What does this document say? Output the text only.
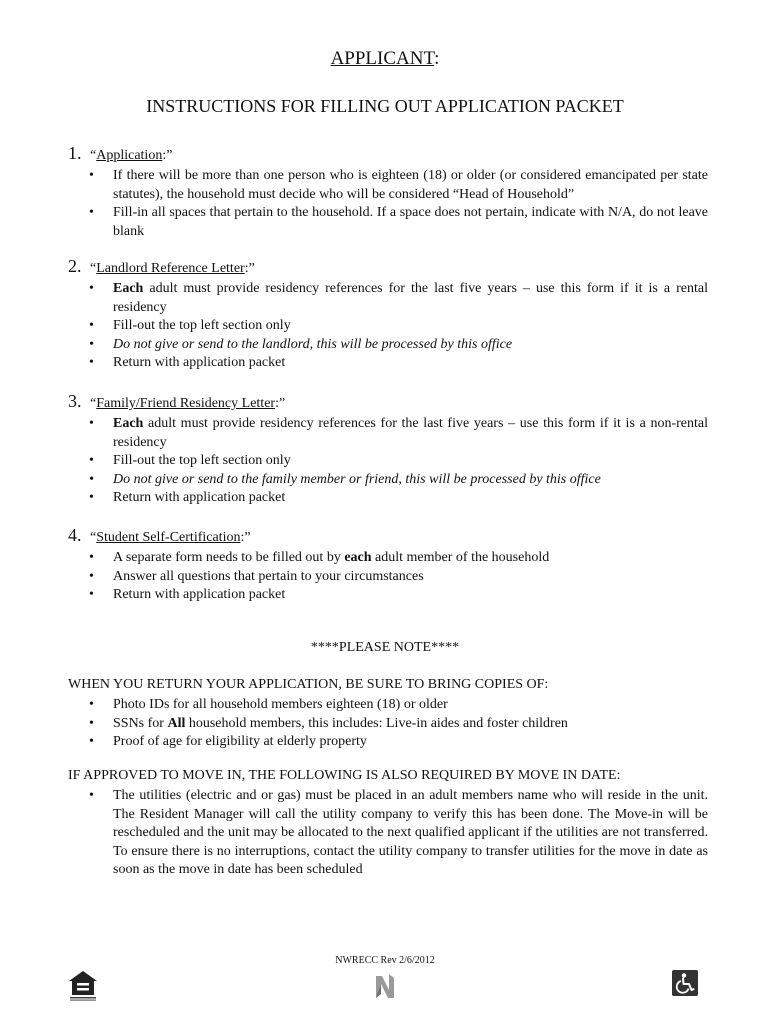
APPLICANT:
INSTRUCTIONS FOR FILLING OUT APPLICATION PACKET
1. “ Application :”
• If there will be more than one person who is eighteen (18) or older (or considered emancipated per state statutes), the household must decide who will be considered “Head of Household”
• Fill-in all spaces that pertain to the household. If a space does not pertain, indicate with N/A, do not leave blank
2. “ Landlord Reference Letter :”
• Each adult must provide residency references for the last five years – use this form if it is a rental residency
• Fill-out the top left section only
• Do not give or send to the landlord, this will be processed by this office
• Return with application packet
3. “ Family/Friend Residency Letter :”
• Each adult must provide residency references for the last five years – use this form if it is a non-rental residency
• Fill-out the top left section only
• Do not give or send to the family member or friend, this will be processed by this office
• Return with application packet
4. “ Student Self-Certification :”
• A separate form needs to be filled out by each adult member of the household
• Answer all questions that pertain to your circumstances
• Return with application packet
****PLEASE NOTE****
WHEN YOU RETURN YOUR APPLICATION, BE SURE TO BRING COPIES OF:
• Photo IDs for all household members eighteen (18) or older
• SSNs for All household members, this includes: Live-in aides and foster children
• Proof of age for eligibility at elderly property
IF APPROVED TO MOVE IN, THE FOLLOWING IS ALSO REQUIRED BY MOVE IN DATE:
• The utilities (electric and or gas) must be placed in an adult members name who will reside in the unit. The Resident Manager will call the utility company to verify this has been done. The Move-in will be rescheduled and the unit may be allocated to the next qualified applicant if the utilities are not transferred. To ensure there is no interruptions, contact the utility company to transfer utilities for the move in date as soon as the move in date has been scheduled
NWRECC Rev 2/6/2012
